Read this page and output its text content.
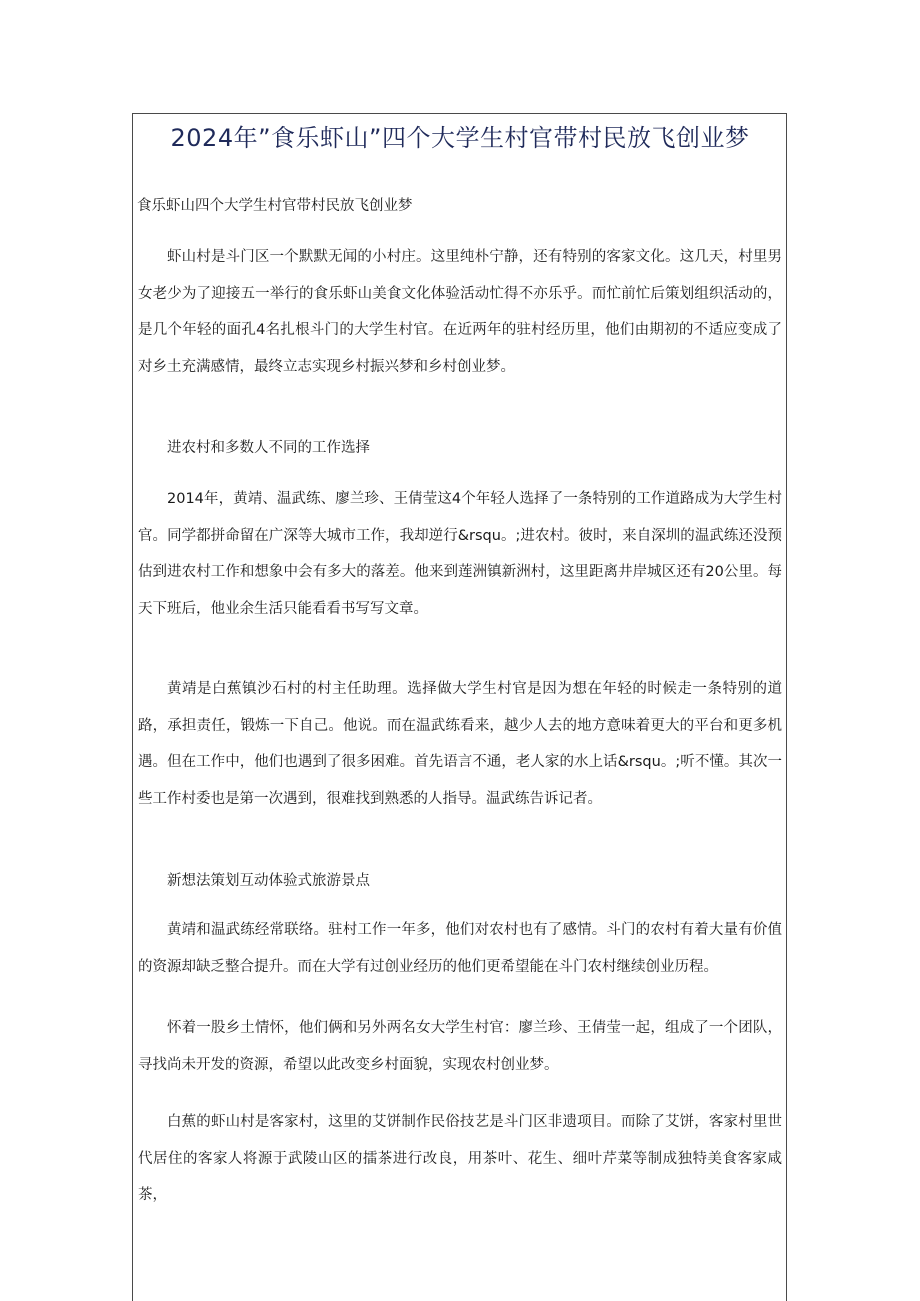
2024年”食乐虾山”四个大学生村官带村民放飞创业梦
食乐虾山四个大学生村官带村民放飞创业梦

虾山村是斗门区一个默默无闻的小村庄。这里纯朴宁静，还有特别的客家文化。这几天，村里男女老少为了迎接五一举行的食乐虾山美食文化体验活动忙得不亦乐乎。而忙前忙后策划组织活动的，是几个年轻的面孔4名扎根斗门的大学生村官。在近两年的驻村经历里，他们由期初的不适应变成了对乡土充满感情，最终立志实现乡村振兴梦和乡村创业梦。

进农村和多数人不同的工作选择

2014年，黄靖、温武练、廖兰珍、王倩莹这4个年轻人选择了一条特别的工作道路成为大学生村官。同学都拼命留在广深等大城市工作，我却逆行&rsqu。;进农村。彼时，来自深圳的温武练还没预估到进农村工作和想象中会有多大的落差。他来到莲洲镇新洲村，这里距离井岸城区还有20公里。每天下班后，他业余生活只能看看书写写文章。

黄靖是白蕉镇沙石村的村主任助理。选择做大学生村官是因为想在年轻的时候走一条特别的道路，承担责任，锻炼一下自己。他说。而在温武练看来，越少人去的地方意味着更大的平台和更多机遇。但在工作中，他们也遇到了很多困难。首先语言不通，老人家的水上话&rsqu。;听不懂。其次一些工作村委也是第一次遇到，很难找到熟悉的人指导。温武练告诉记者。

新想法策划互动体验式旅游景点

黄靖和温武练经常联络。驻村工作一年多，他们对农村也有了感情。斗门的农村有着大量有价值的资源却缺乏整合提升。而在大学有过创业经历的他们更希望能在斗门农村继续创业历程。

怀着一股乡土情怀，他们俩和另外两名女大学生村官：廖兰珍、王倩莹一起，组成了一个团队，寻找尚未开发的资源，希望以此改变乡村面貌，实现农村创业梦。

白蕉的虾山村是客家村，这里的艾饼制作民俗技艺是斗门区非遗项目。而除了艾饼，客家村里世代居住的客家人将源于武陵山区的擂茶进行改良，用茶叶、花生、细叶芹菜等制成独特美食客家咸茶，
